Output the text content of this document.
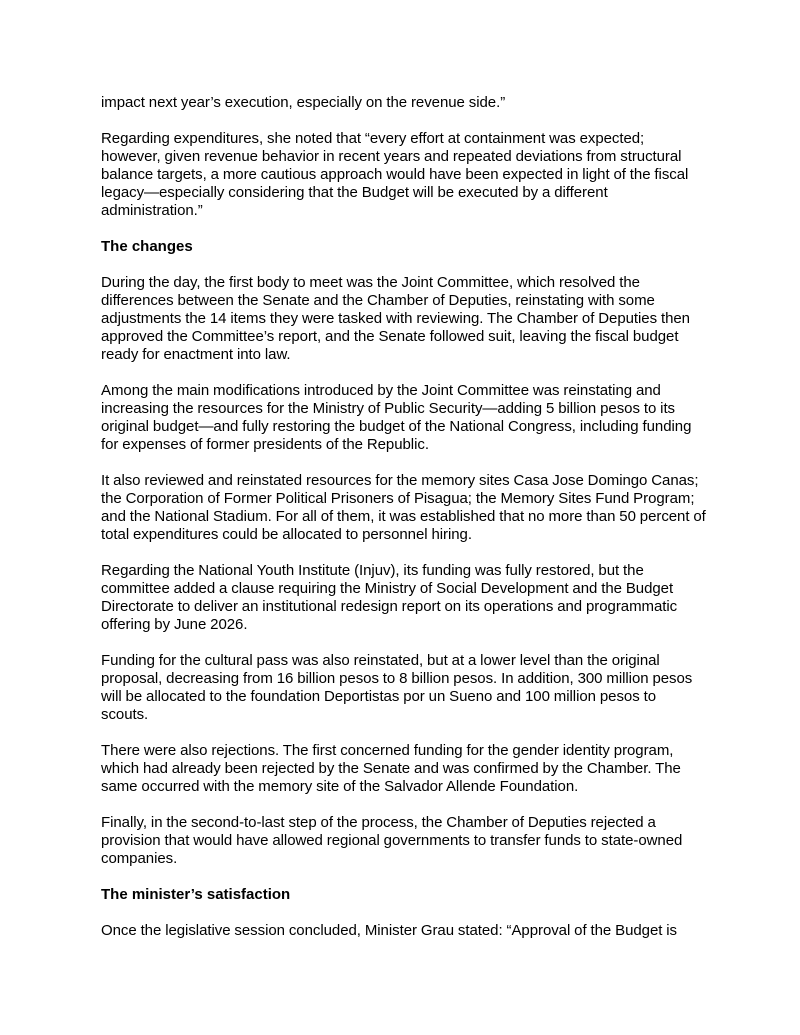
impact next year’s execution, especially on the revenue side.”

Regarding expenditures, she noted that “every effort at containment was expected; however, given revenue behavior in recent years and repeated deviations from structural balance targets, a more cautious approach would have been expected in light of the fiscal legacy—especially considering that the Budget will be executed by a different administration.”

The changes

During the day, the first body to meet was the Joint Committee, which resolved the differences between the Senate and the Chamber of Deputies, reinstating with some adjustments the 14 items they were tasked with reviewing. The Chamber of Deputies then approved the Committee’s report, and the Senate followed suit, leaving the fiscal budget ready for enactment into law.

Among the main modifications introduced by the Joint Committee was reinstating and increasing the resources for the Ministry of Public Security—adding 5 billion pesos to its original budget—and fully restoring the budget of the National Congress, including funding for expenses of former presidents of the Republic.

It also reviewed and reinstated resources for the memory sites Casa Jose Domingo Canas; the Corporation of Former Political Prisoners of Pisagua; the Memory Sites Fund Program; and the National Stadium. For all of them, it was established that no more than 50 percent of total expenditures could be allocated to personnel hiring.

Regarding the National Youth Institute (Injuv), its funding was fully restored, but the committee added a clause requiring the Ministry of Social Development and the Budget Directorate to deliver an institutional redesign report on its operations and programmatic offering by June 2026.

Funding for the cultural pass was also reinstated, but at a lower level than the original proposal, decreasing from 16 billion pesos to 8 billion pesos. In addition, 300 million pesos will be allocated to the foundation Deportistas por un Sueno and 100 million pesos to scouts.

There were also rejections. The first concerned funding for the gender identity program, which had already been rejected by the Senate and was confirmed by the Chamber. The same occurred with the memory site of the Salvador Allende Foundation.

Finally, in the second-to-last step of the process, the Chamber of Deputies rejected a provision that would have allowed regional governments to transfer funds to state-owned companies.

The minister’s satisfaction

Once the legislative session concluded, Minister Grau stated: “Approval of the Budget is
